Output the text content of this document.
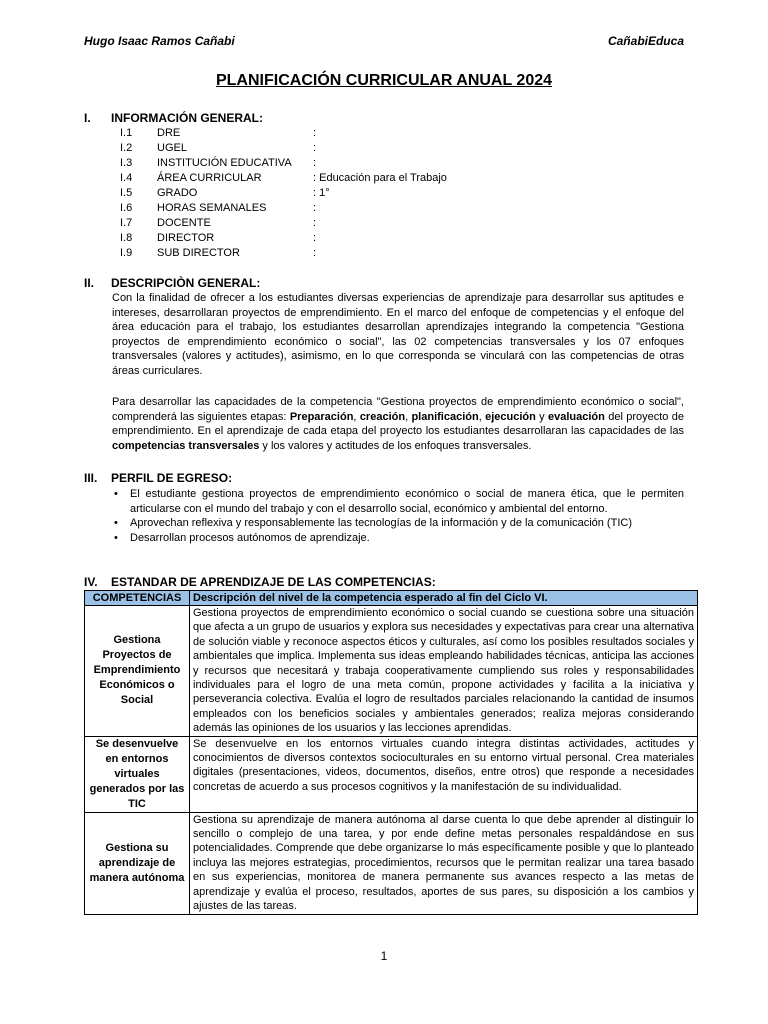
Hugo Isaac Ramos Cañabi	CañabiEduca
PLANIFICACIÓN CURRICULAR ANUAL 2024
I. INFORMACIÓN GENERAL:
I.1 DRE	:
I.2 UGEL	:
I.3 INSTITUCIÓN EDUCATIVA :
I.4 ÁREA CURRICULAR	: Educación para el Trabajo
I.5 GRADO	: 1°
I.6 HORAS SEMANALES	:
I.7 DOCENTE	:
I.8 DIRECTOR	:
I.9 SUB DIRECTOR	:
II. DESCRIPCIÒN GENERAL:
Con la finalidad de ofrecer a los estudiantes diversas experiencias de aprendizaje para desarrollar sus aptitudes e intereses, desarrollaran proyectos de emprendimiento. En el marco del enfoque de competencias y el enfoque del área educación para el trabajo, los estudiantes desarrollan aprendizajes integrando la competencia "Gestiona proyectos de emprendimiento económico o social", las 02 competencias transversales y los 07 enfoques transversales (valores y actitudes), asimismo, en lo que corresponda se vinculará con las competencias de otras áreas curriculares.
Para desarrollar las capacidades de la competencia "Gestiona proyectos de emprendimiento económico o social", comprenderá las siguientes etapas: Preparación, creación, planificación, ejecución y evaluación del proyecto de emprendimiento. En el aprendizaje de cada etapa del proyecto los estudiantes desarrollaran las capacidades de las competencias transversales y los valores y actitudes de los enfoques transversales.
III. PERFIL DE EGRESO:
• El estudiante gestiona proyectos de emprendimiento económico o social de manera ética, que le permiten articularse con el mundo del trabajo y con el desarrollo social, económico y ambiental del entorno.
• Aprovechan reflexiva y responsablemente las tecnologías de la información y de la comunicación (TIC)
• Desarrollan procesos autónomos de aprendizaje.
IV. ESTANDAR DE APRENDIZAJE DE LAS COMPETENCIAS:
COMPETENCIAS	Descripción del nivel de la competencia esperado al fin del Ciclo VI.
Gestiona Proyectos de Emprendimiento Económicos o Social	Gestiona proyectos de emprendimiento económico o social cuando se cuestiona sobre una situación que afecta a un grupo de usuarios y explora sus necesidades y expectativas para crear una alternativa de solución viable y reconoce aspectos éticos y culturales, así como los posibles resultados sociales y ambientales que implica. Implementa sus ideas empleando habilidades técnicas, anticipa las acciones y recursos que necesitará y trabaja cooperativamente cumpliendo sus roles y responsabilidades individuales para el logro de una meta común, propone actividades y facilita a la iniciativa y perseverancia colectiva. Evalúa el logro de resultados parciales relacionando la cantidad de insumos empleados con los beneficios sociales y ambientales generados; realiza mejoras considerando además las opiniones de los usuarios y las lecciones aprendidas.
Se desenvuelve en entornos virtuales generados por las TIC	Se desenvuelve en los entornos virtuales cuando integra distintas actividades, actitudes y conocimientos de diversos contextos socioculturales en su entorno virtual personal. Crea materiales digitales (presentaciones, videos, documentos, diseños, entre otros) que responde a necesidades concretas de acuerdo a sus procesos cognitivos y la manifestación de su individualidad.
Gestiona su aprendizaje de manera autónoma	Gestiona su aprendizaje de manera autónoma al darse cuenta lo que debe aprender al distinguir lo sencillo o complejo de una tarea, y por ende define metas personales respaldándose en sus potencialidades. Comprende que debe organizarse lo más específicamente posible y que lo planteado incluya las mejores estrategias, procedimientos, recursos que le permitan realizar una tarea basado en sus experiencias, monitorea de manera permanente sus avances respecto a las metas de aprendizaje y evalúa el proceso, resultados, aportes de sus pares, su disposición a los cambios y ajustes de las tareas.
1
